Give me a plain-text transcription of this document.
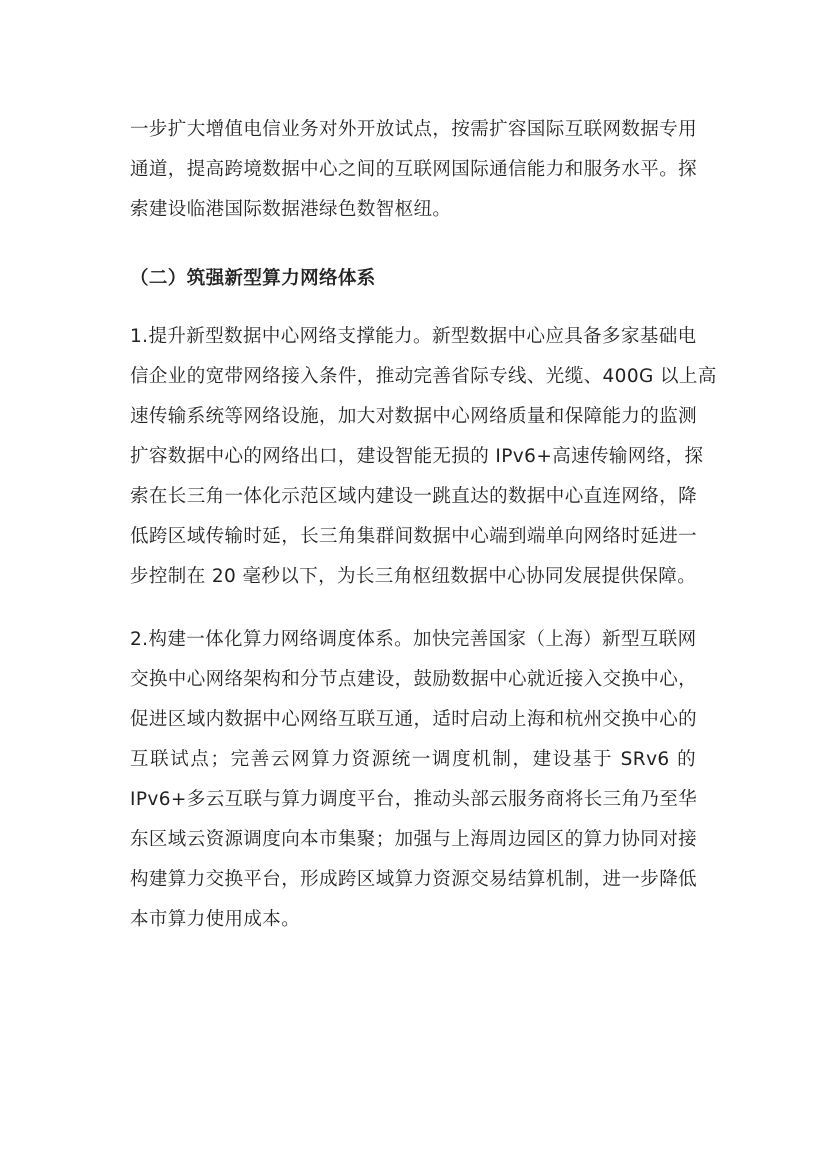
一步扩大增值电信业务对外开放试点，按需扩容国际互联网数据专用
通道，提高跨境数据中心之间的互联网国际通信能力和服务水平。探
索建设临港国际数据港绿色数智枢纽。
（二）筑强新型算力网络体系
1.提升新型数据中心网络支撑能力。新型数据中心应具备多家基础电
信企业的宽带网络接入条件，推动完善省际专线、光缆、400G 以上高
速传输系统等网络设施，加大对数据中心网络质量和保障能力的监测
扩容数据中心的网络出口，建设智能无损的 IPv6+高速传输网络，探
索在长三角一体化示范区域内建设一跳直达的数据中心直连网络，降
低跨区域传输时延，长三角集群间数据中心端到端单向网络时延进一
步控制在 20 毫秒以下，为长三角枢纽数据中心协同发展提供保障。
2.构建一体化算力网络调度体系。加快完善国家（上海）新型互联网
交换中心网络架构和分节点建设，鼓励数据中心就近接入交换中心，
促进区域内数据中心网络互联互通，适时启动上海和杭州交换中心的
互联试点；完善云网算力资源统一调度机制，建设基于 SRv6 的
IPv6+多云互联与算力调度平台，推动头部云服务商将长三角乃至华
东区域云资源调度向本市集聚；加强与上海周边园区的算力协同对接
构建算力交换平台，形成跨区域算力资源交易结算机制，进一步降低
本市算力使用成本。
